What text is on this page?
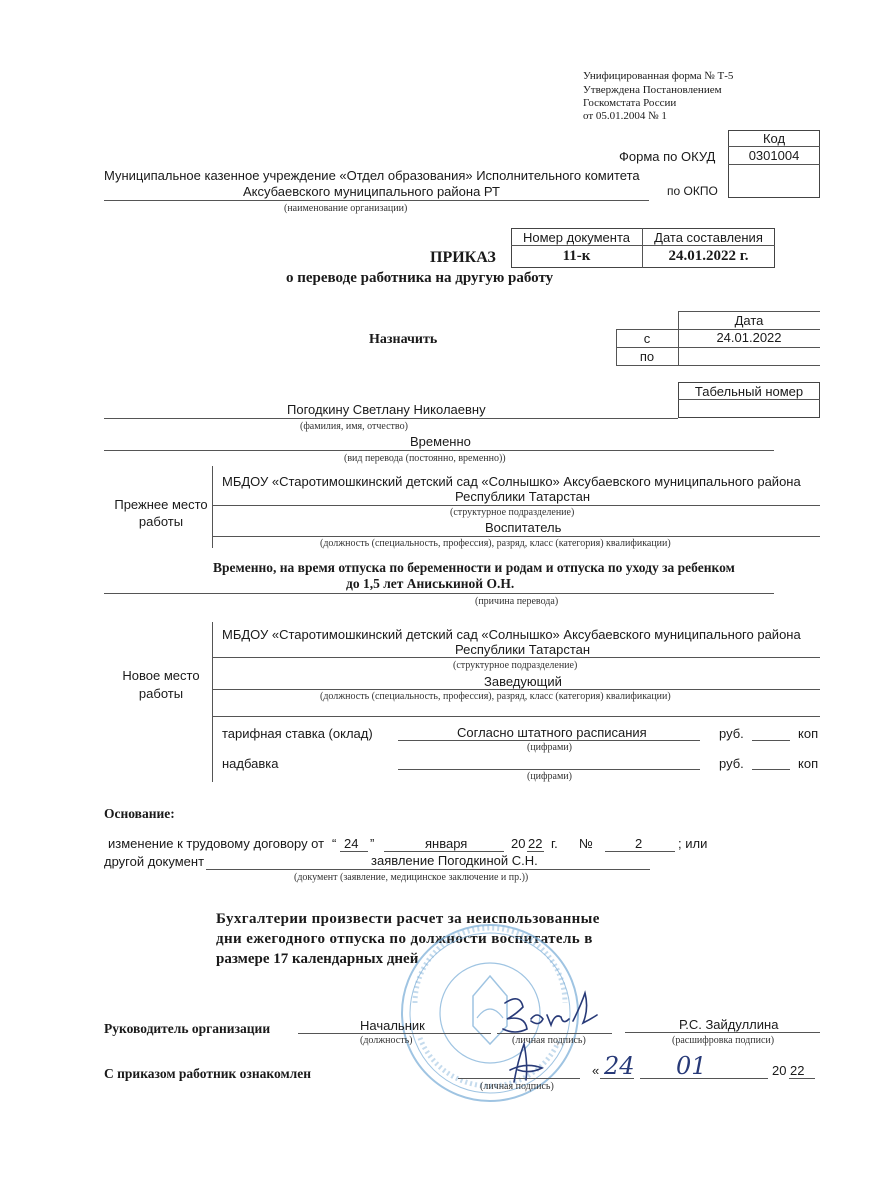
Унифицированная форма № Т-5
Утверждена Постановлением
Госкомстата России
от 05.01.2004 № 1
Код
0301004
Форма по ОКУД
по ОКПО
Муниципальное казенное учреждение «Отдел образования» Исполнительного комитета
Аксубаевского муниципального района РТ
(наименование организации)
ПРИКАЗ
о переводе работника на другую работу
Номер документа	Дата составления
11-к	24.01.2022 г.
Назначить
Дата
с	24.01.2022
по
Табельный номер
Погодкину Светлану Николаевну
(фамилия, имя, отчество)
Временно
(вид перевода (постоянно, временно))
Прежнее место
работы
МБДОУ «Старотимошкинский детский сад «Солнышко» Аксубаевского муниципального района
Республики Татарстан
(структурное подразделение)
Воспитатель
(должность (специальность, профессия), разряд, класс (категория) квалификации)
Временно, на время отпуска по беременности и родам и отпуска по уходу за ребенком
до 1,5 лет Аниськиной О.Н.
(причина перевода)
Новое место
работы
МБДОУ «Старотимошкинский детский сад «Солнышко» Аксубаевского муниципального района
Республики Татарстан
(структурное подразделение)
Заведующий
(должность (специальность, профессия), разряд, класс (категория) квалификации)
тарифная ставка (оклад)	Согласно штатного расписания	руб.	коп
(цифрами)
надбавка	руб.	коп
(цифрами)
Основание:
изменение к трудовому договору от “ 24 ”	января	20 22 г. №	2	; или
другой документ	заявление Погодкиной С.Н.
(документ (заявление, медицинское заключение и пр.))
Бухгалтерии произвести расчет за неиспользованные
дни ежегодного отпуска по должности воспитатель в
размере 17 календарных дней
Руководитель организации	Начальник
(должность)	(личная подпись)
Р.С. Зайдуллина
(расшифровка подписи)
С приказом работник ознакомлен
(личная подпись)
« 24 01	20 22
